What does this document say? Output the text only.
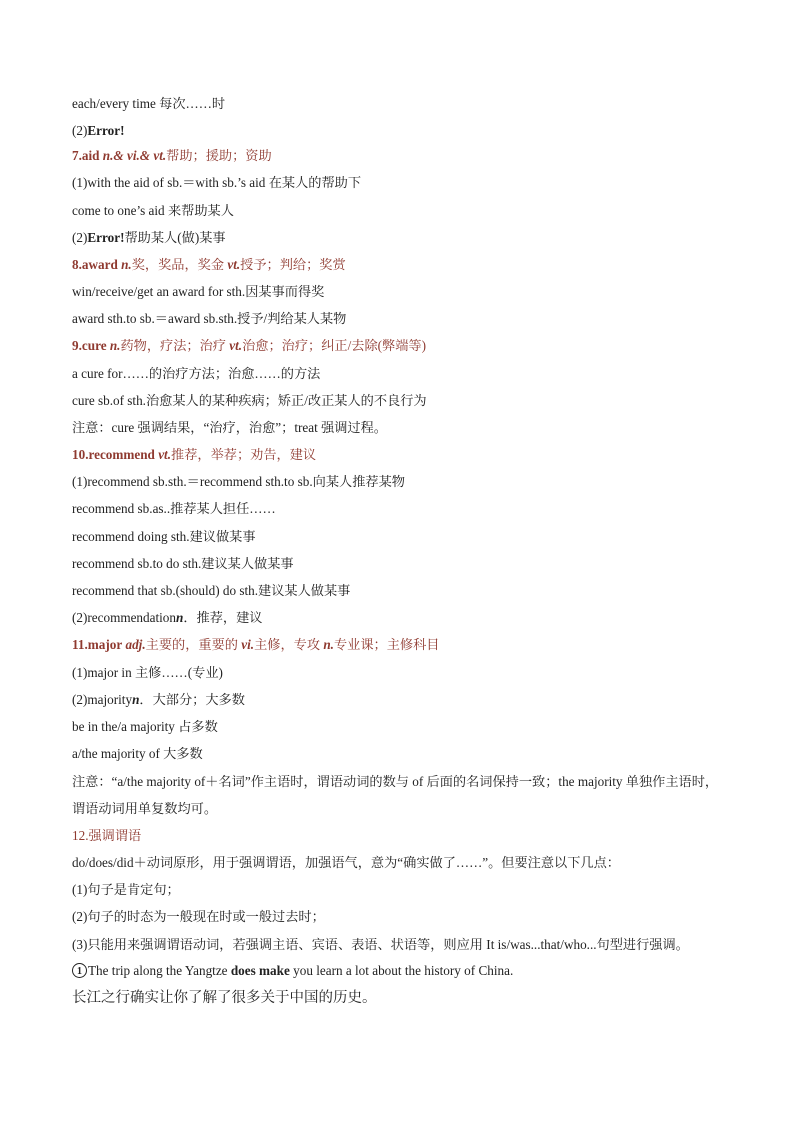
each/every time 每次……时
(2)Error!
7.aid n.& vi.& vt.帮助；援助；资助
(1)with the aid of sb.＝with sb.’s aid 在某人的帮助下
come to one’s aid 来帮助某人
(2)Error!帮助某人(做)某事
8.award n.奖，奖品，奖金 vt.授予；判给；奖赏
win/receive/get an award for sth.因某事而得奖
award sth.to sb.＝award sb.sth.授予/判给某人某物
9.cure n.药物，疗法；治疗 vt.治愈；治疗；纠正/去除(弊端等)
a cure for……的治疗方法；治愈……的方法
cure sb.of sth.治愈某人的某种疾病；矫正/改正某人的不良行为
注意：cure 强调结果，“治疗，治愈”；treat 强调过程。
10.recommend vt.推荐，举荐；劝告，建议
(1)recommend sb.sth.＝recommend sth.to sb.向某人推荐某物
recommend sb.as..推荐某人担任……
recommend doing sth.建议做某事
recommend sb.to do sth.建议某人做某事
recommend that sb.(should) do sth.建议某人做某事
(2)recommendationn．推荐，建议
11.major adj.主要的，重要的 vi.主修，专攻 n.专业课；主修科目
(1)major in 主修……(专业)
(2)majorityn．大部分；大多数
be in the/a majority 占多数
a/the majority of 大多数
注意：“a/the majority of＋名词”作主语时，谓语动词的数与 of 后面的名词保持一致；the majority 单独作主语时，谓语动词用单复数均可。
12.强调谓语
do/does/did＋动词原形，用于强调谓语，加强语气，意为“确实做了……”。但要注意以下几点：
(1)句子是肯定句；
(2)句子的时态为一般现在时或一般过去时；
(3)只能用来强调谓语动词，若强调主语、宾语、表语、状语等，则应用 It is/was...that/who...句型进行强调。
1 The trip along the Yangtze does make you learn a lot about the history of China.
长江之行确实让你了解了很多关于中国的历史。
